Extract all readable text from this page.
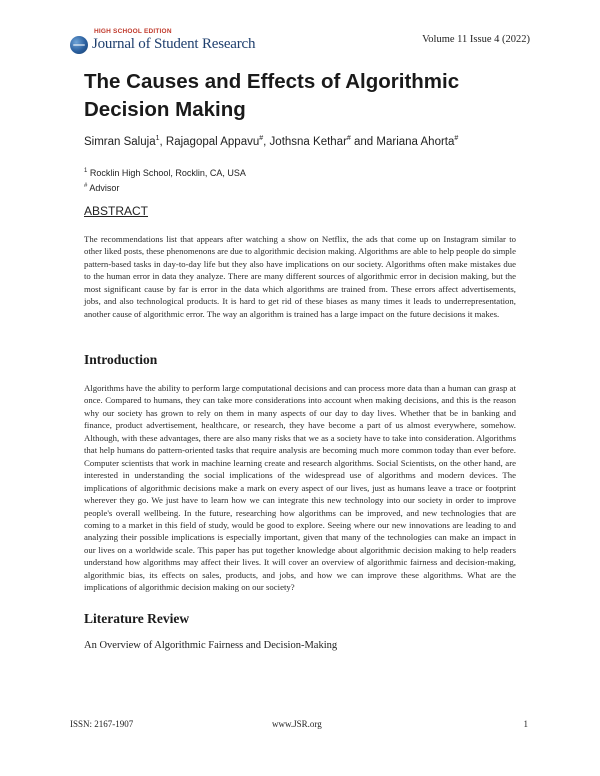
HIGH SCHOOL EDITION
Journal of Student Research	Volume 11 Issue 4 (2022)
The Causes and Effects of Algorithmic Decision Making
Simran Saluja$^1$, Rajagopal Appavu#, Jothsna Kethar# and Mariana Ahorta#
$^1$ Rocklin High School, Rocklin, CA, USA
# Advisor
ABSTRACT

The recommendations list that appears after watching a show on Netflix, the ads that come up on Instagram similar to other liked posts, these phenomenons are due to algorithmic decision making. Algorithms are able to help people do simple pattern-based tasks in day-to-day life but they also have implications on our society. Algorithms often make mistakes due to the human error in data they analyze. There are many different sources of algorithmic error in decision making, but the most significant cause by far is error in the data which algorithms are trained from. These errors affect advertisements, jobs, and also technological products. It is hard to get rid of these biases as many times it leads to underrepresentation, another cause of algorithmic error. The way an algorithm is trained has a large impact on the future decisions it makes.

Introduction

Algorithms have the ability to perform large computational decisions and can process more data than a human can grasp at once. Compared to humans, they can take more considerations into account when making decisions, and this is the reason why our society has grown to rely on them in many aspects of our day to day lives. Whether that be in banking and finance, product advertisement, healthcare, or research, they have become a part of us almost everywhere, somehow. Although, with these advantages, there are also many risks that we as a society have to take into consideration. Algorithms that help humans do pattern-oriented tasks that require analysis are becoming much more common today than ever before. Computer scientists that work in machine learning create and research algorithms. Social Scientists, on the other hand, are interested in understanding the social implications of the widespread use of algorithms and modern devices. The implications of algorithmic decisions make a mark on every aspect of our lives, just as humans leave a trace or footprint wherever they go. We just have to learn how we can integrate this new technology into our society in order to improve people's overall wellbeing. In the future, researching how algorithms can be improved, and new technologies that are coming to a market in this field of study, would be good to explore. Seeing where our new innovations are leading to and analyzing their possible implications is especially important, given that many of the technologies can make an impact in our lives on a worldwide scale. This paper has put together knowledge about algorithmic decision making to help readers understand how algorithms may affect their lives. It will cover an overview of algorithmic fairness and decision-making, algorithmic bias, its effects on sales, products, and jobs, and how we can improve these algorithms. What are the implications of algorithmic decision making on our society?

Literature Review
An Overview of Algorithmic Fairness and Decision-Making
ISSN: 2167-1907	www.JSR.org	1
